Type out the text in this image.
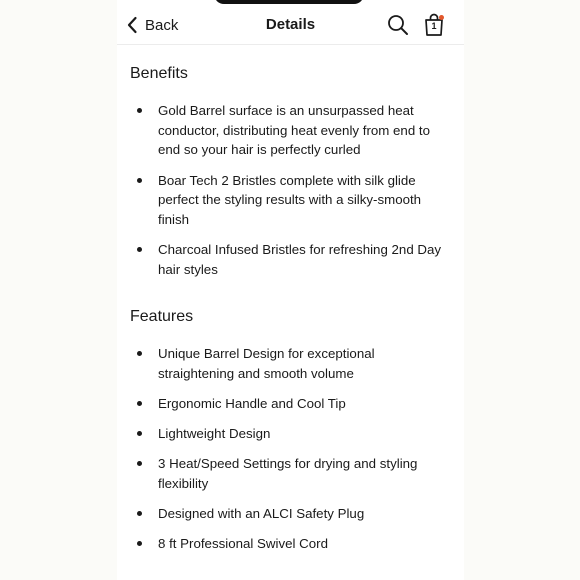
Back	Details	1
Benefits
Gold Barrel surface is an unsurpassed heat conductor, distributing heat evenly from end to end so your hair is perfectly curled
Boar Tech 2 Bristles complete with silk glide perfect the styling results with a silky-smooth finish
Charcoal Infused Bristles for refreshing 2nd Day hair styles
Features
Unique Barrel Design for exceptional straightening and smooth volume
Ergonomic Handle and Cool Tip
Lightweight Design
3 Heat/Speed Settings for drying and styling flexibility
Designed with an ALCI Safety Plug
8 ft Professional Swivel Cord
